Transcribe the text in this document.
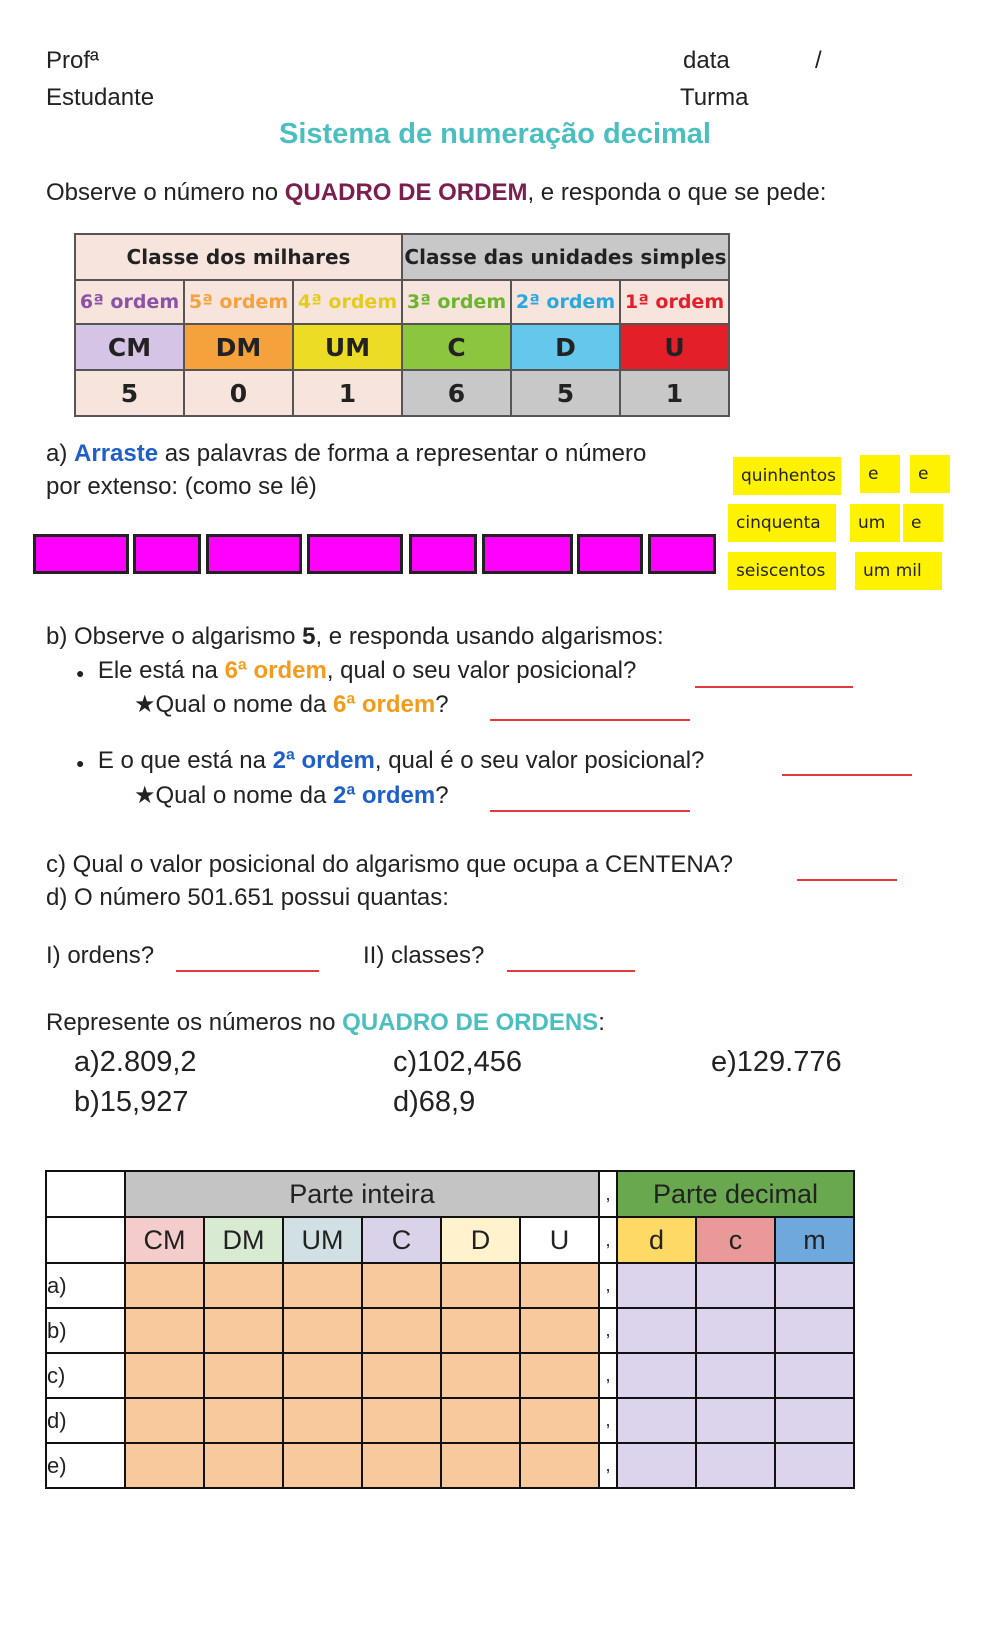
Profª	data	/
Estudante	Turma
Sistema de numeração decimal
Observe o número no QUADRO DE ORDEM, e responda o que se pede:
Classe dos milhares			Classe das unidades simples		
6ª ordem	5ª ordem	4ª ordem	3ª ordem	2ª ordem	1ª ordem
CM	DM	UM	C	D	U
5	0	1	6	5	1
a) Arraste as palavras de forma a representar o número
por extenso: (como se lê)	quinhentos	e	e
cinquenta	um	e
seiscentos	um mil
b) Observe o algarismo 5, e responda usando algarismos:
● Ele está na 6ª ordem, qual o seu valor posicional?
★Qual o nome da 6ª ordem?
● E o que está na 2ª ordem, qual é o seu valor posicional?
★Qual o nome da 2ª ordem?
c) Qual o valor posicional do algarismo que ocupa a CENTENA?
d) O número 501.651 possui quantas:
I) ordens?	II) classes?
Represente os números no QUADRO DE ORDENS:
a)2.809,2
b)15,927
c)102,456
d)68,9
e)129.776
	Parte inteira						,	Parte decimal		
	CM	DM	UM	C	D	U	,	d	c	m
a)							,			
b)							,			
c)							,			
d)							,			
e)							,			
